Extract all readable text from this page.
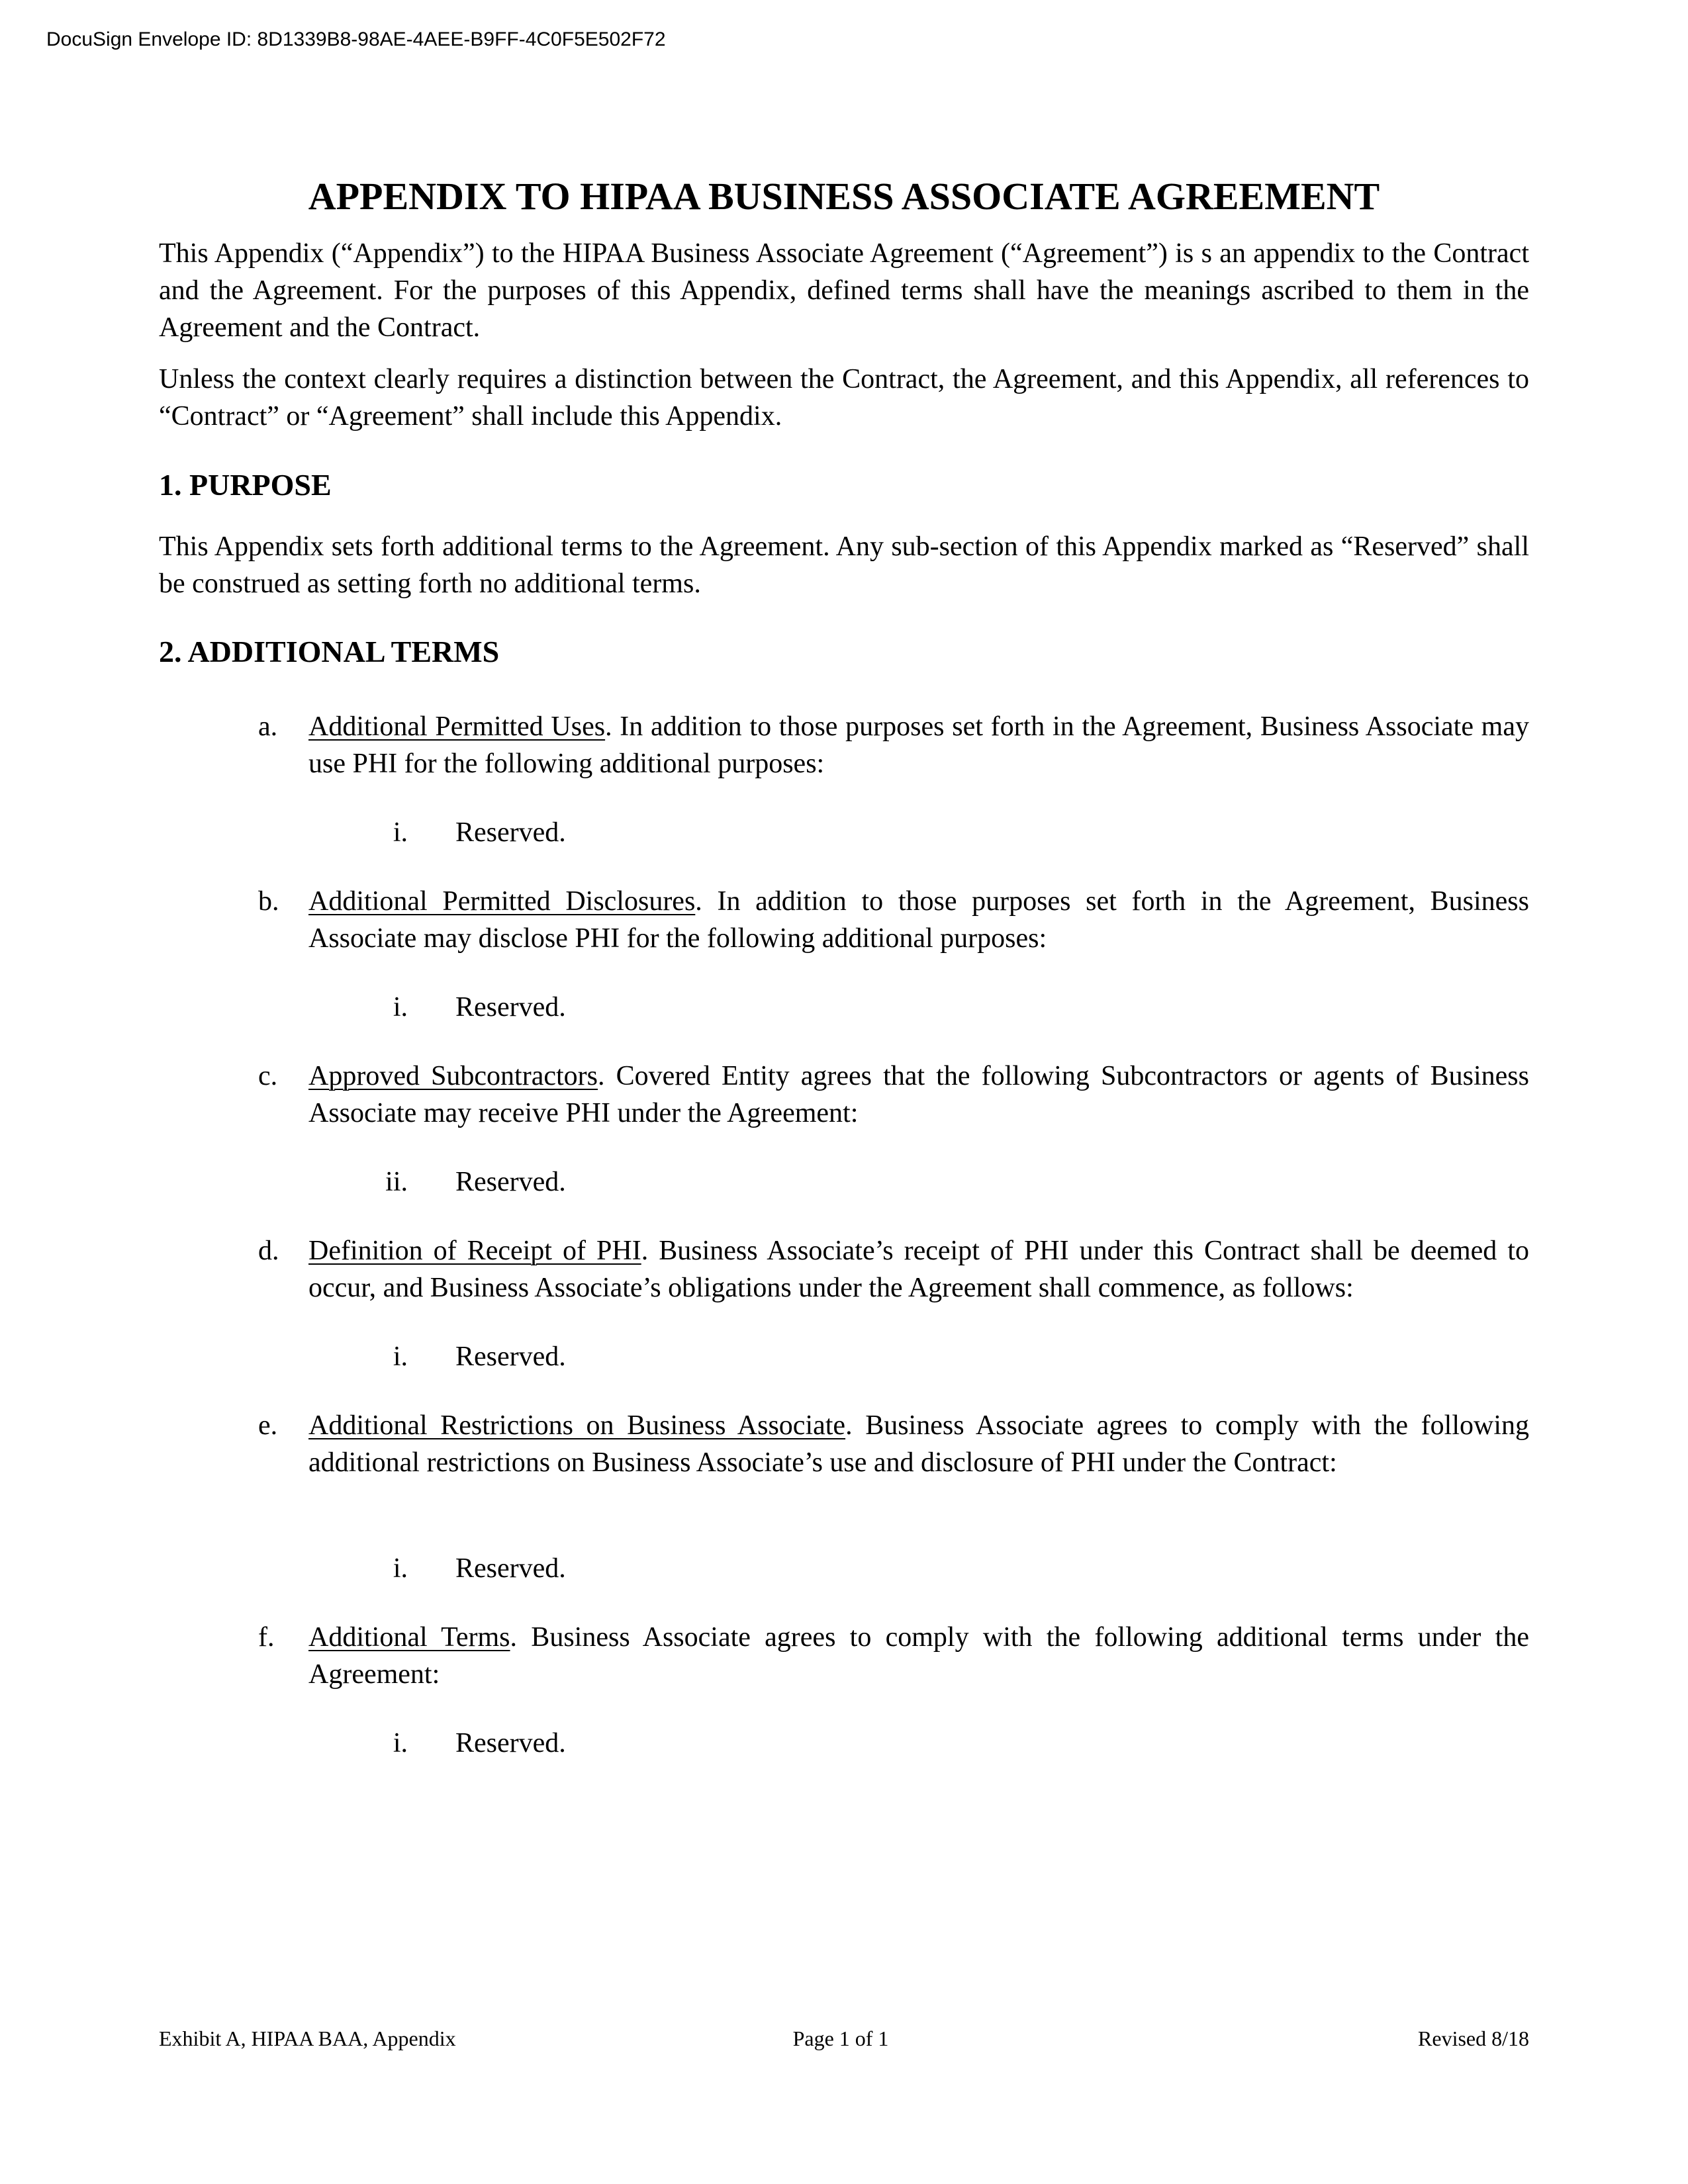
DocuSign Envelope ID: 8D1339B8-98AE-4AEE-B9FF-4C0F5E502F72
APPENDIX TO HIPAA BUSINESS ASSOCIATE AGREEMENT
This Appendix (“Appendix”) to the HIPAA Business Associate Agreement (“Agreement”) is s an appendix to the Contract and the Agreement. For the purposes of this Appendix, defined terms shall have the meanings ascribed to them in the Agreement and the Contract.
Unless the context clearly requires a distinction between the Contract, the Agreement, and this Appendix, all references to “Contract” or “Agreement” shall include this Appendix.
1. PURPOSE
This Appendix sets forth additional terms to the Agreement. Any sub-section of this Appendix marked as “Reserved” shall be construed as setting forth no additional terms.
2. ADDITIONAL TERMS
a. Additional Permitted Uses. In addition to those purposes set forth in the Agreement, Business Associate may use PHI for the following additional purposes:
i. Reserved.
b. Additional Permitted Disclosures. In addition to those purposes set forth in the Agreement, Business Associate may disclose PHI for the following additional purposes:
i. Reserved.
c. Approved Subcontractors. Covered Entity agrees that the following Subcontractors or agents of Business Associate may receive PHI under the Agreement:
ii. Reserved.
d. Definition of Receipt of PHI. Business Associate’s receipt of PHI under this Contract shall be deemed to occur, and Business Associate’s obligations under the Agreement shall commence, as follows:
i. Reserved.
e. Additional Restrictions on Business Associate. Business Associate agrees to comply with the following additional restrictions on Business Associate’s use and disclosure of PHI under the Contract:
i. Reserved.
f. Additional Terms. Business Associate agrees to comply with the following additional terms under the Agreement:
i. Reserved.
Exhibit A, HIPAA BAA, Appendix	Page 1 of 1	Revised 8/18
